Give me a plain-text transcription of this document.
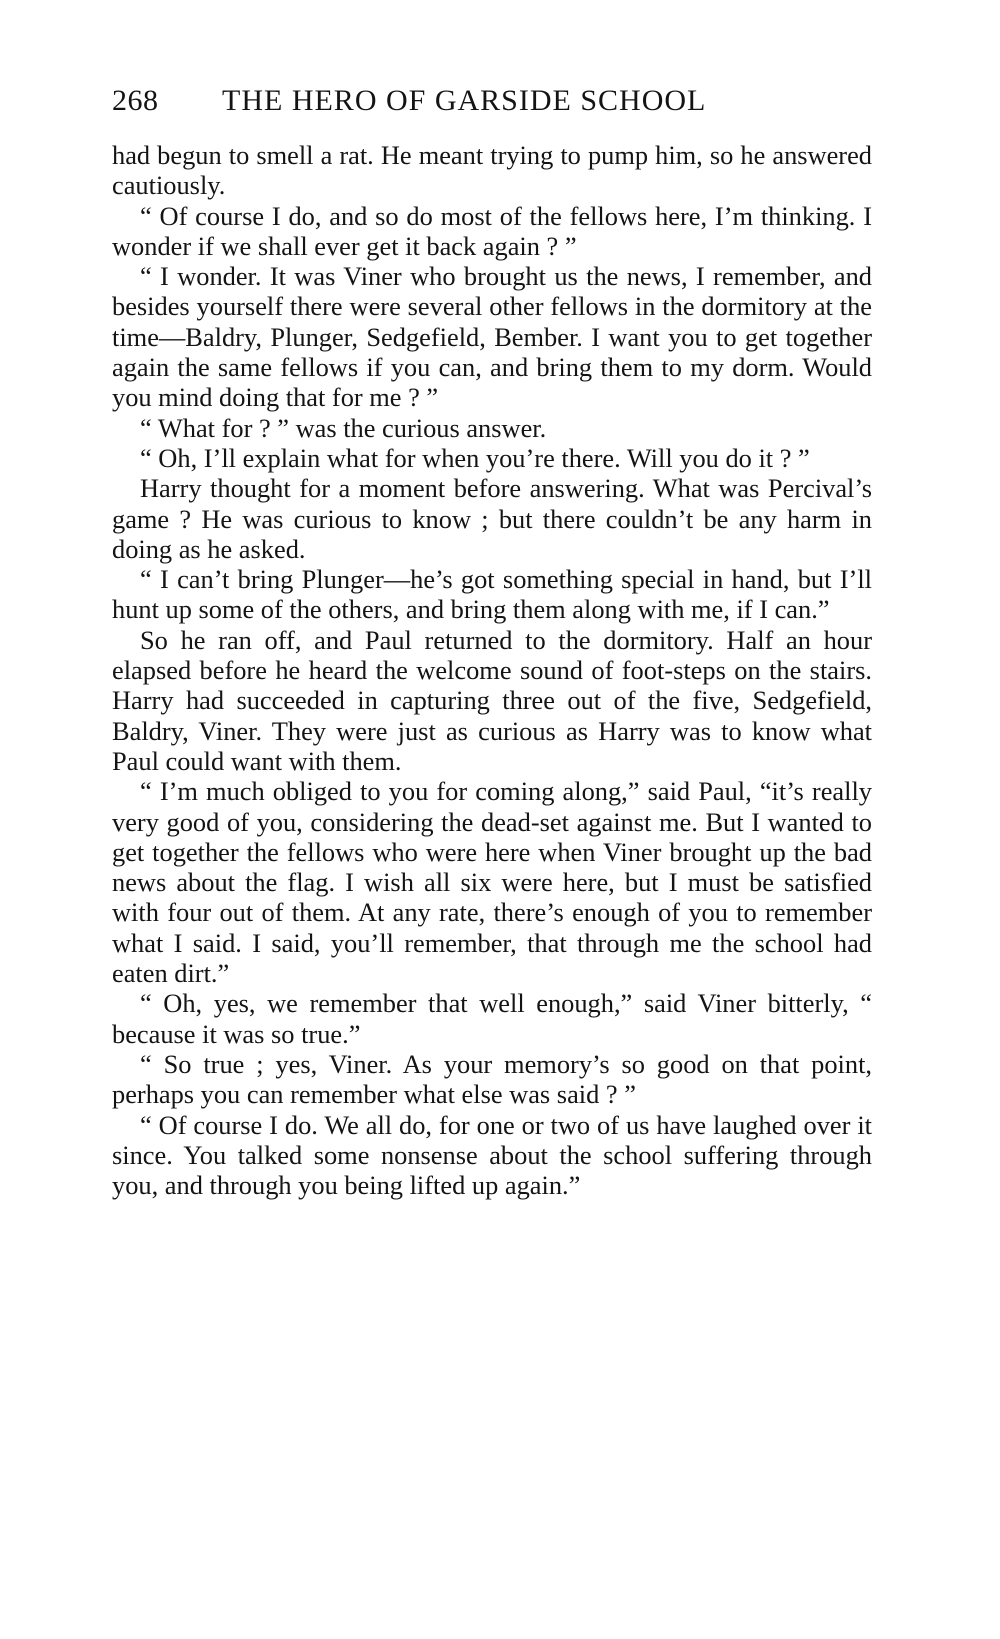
268	THE HERO OF GARSIDE SCHOOL

had begun to smell a rat. He meant trying to pump him, so he answered cautiously.

“ Of course I do, and so do most of the fellows here, I’m thinking. I wonder if we shall ever get it back again ? ”

“ I wonder. It was Viner who brought us the news, I remember, and besides yourself there were several other fellows in the dormitory at the time—Baldry, Plunger, Sedgefield, Bember. I want you to get together again the same fellows if you can, and bring them to my dorm. Would you mind doing that for me ? ”

“ What for ? ” was the curious answer.

“ Oh, I’ll explain what for when you’re there. Will you do it ? ”

Harry thought for a moment before answering. What was Percival’s game ? He was curious to know ; but there couldn’t be any harm in doing as he asked.

“ I can’t bring Plunger—he’s got something special in hand, but I’ll hunt up some of the others, and bring them along with me, if I can.”

So he ran off, and Paul returned to the dormitory. Half an hour elapsed before he heard the welcome sound of foot-steps on the stairs. Harry had succeeded in capturing three out of the five, Sedgefield, Baldry, Viner. They were just as curious as Harry was to know what Paul could want with them.

“ I’m much obliged to you for coming along,” said Paul, “it’s really very good of you, considering the dead-set against me. But I wanted to get together the fellows who were here when Viner brought up the bad news about the flag. I wish all six were here, but I must be satisfied with four out of them. At any rate, there’s enough of you to remember what I said. I said, you’ll remember, that through me the school had eaten dirt.”

“ Oh, yes, we remember that well enough,” said Viner bitterly, “ because it was so true.”

“ So true ; yes, Viner. As your memory’s so good on that point, perhaps you can remember what else was said ? ”

“ Of course I do. We all do, for one or two of us have laughed over it since. You talked some nonsense about the school suffering through you, and through you being lifted up again.”
